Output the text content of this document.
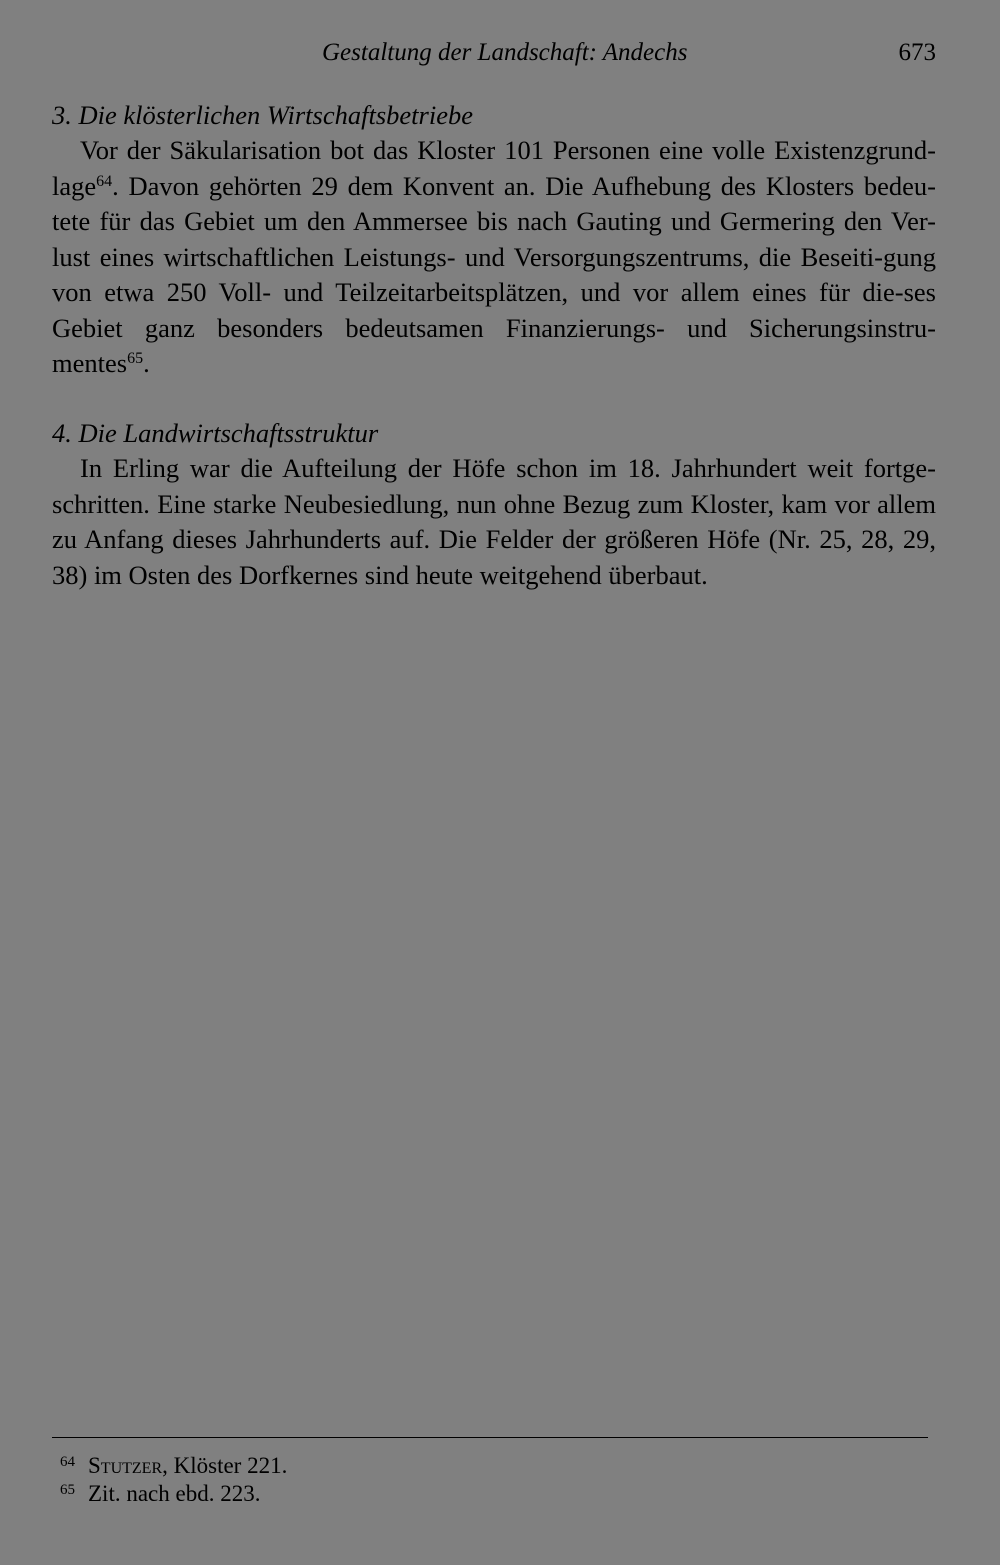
Gestaltung der Landschaft: Andechs	673
3. Die klösterlichen Wirtschaftsbetriebe

Vor der Säkularisation bot das Kloster 101 Personen eine volle Existenzgrund-lage$^{64}$. Davon gehörten 29 dem Konvent an. Die Aufhebung des Klosters bedeu-tete für das Gebiet um den Ammersee bis nach Gauting und Germering den Ver-lust eines wirtschaftlichen Leistungs- und Versorgungszentrums, die Beseiti-gung von etwa 250 Voll- und Teilzeitarbeitsplätzen, und vor allem eines für die-ses Gebiet ganz besonders bedeutsamen Finanzierungs- und Sicherungsinstru-mentes$^{65}$.

4. Die Landwirtschaftsstruktur

In Erling war die Aufteilung der Höfe schon im 18. Jahrhundert weit fortge-schritten. Eine starke Neubesiedlung, nun ohne Bezug zum Kloster, kam vor allem zu Anfang dieses Jahrhunderts auf. Die Felder der größeren Höfe (Nr. 25, 28, 29, 38) im Osten des Dorfkernes sind heute weitgehend überbaut.

64 Stutzer, Klöster 221.

65 Zit. nach ebd. 223.
